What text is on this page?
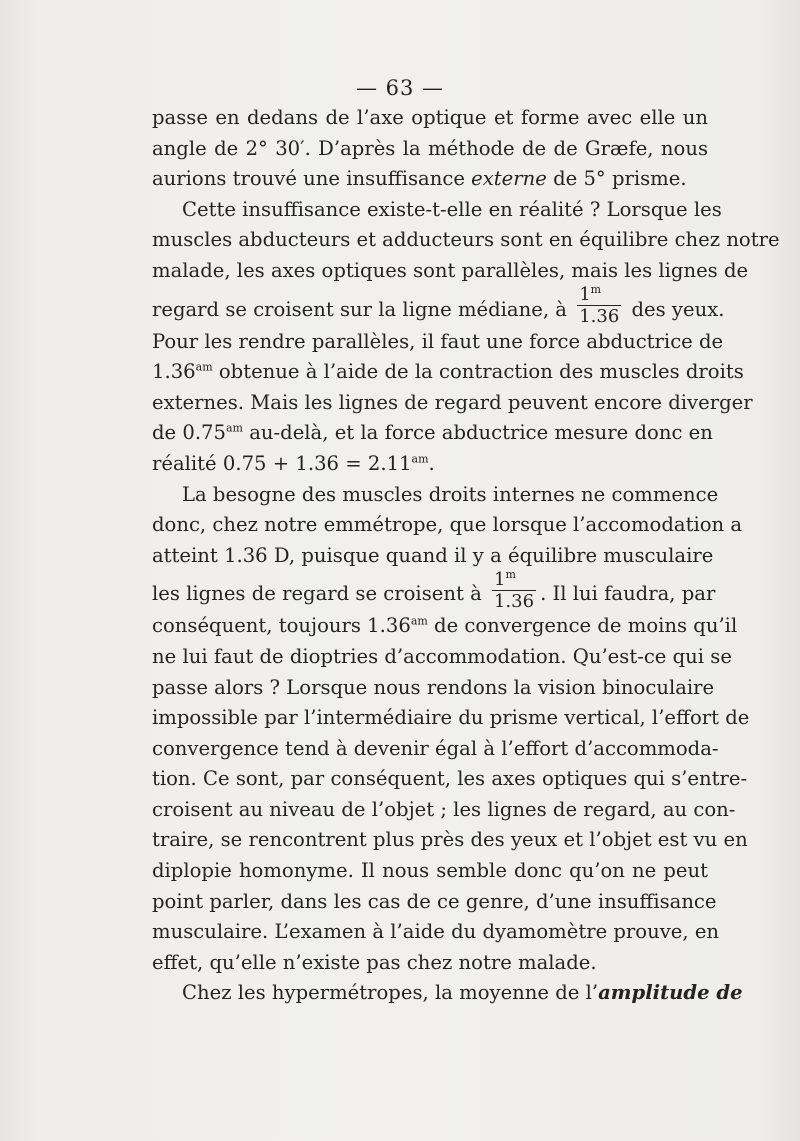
— 63 —
passe en dedans de l’axe optique et forme avec elle un
angle de 2° 30′. D’après la méthode de de Græfe, nous
aurions trouvé une insuffisance externe de 5° prisme.
Cette insuffisance existe-t-elle en réalité ? Lorsque les
muscles abducteurs et adducteurs sont en équilibre chez notre
malade, les axes optiques sont parallèles, mais les lignes de
regard se croisent sur la ligne médiane, à $\frac{1^m}{1.36}$ des yeux.
Pour les rendre parallèles, il faut une force abductrice de
$1.36^{am}$ obtenue à l’aide de la contraction des muscles droits
externes. Mais les lignes de regard peuvent encore diverger
de $0.75^{am}$ au-delà, et la force abductrice mesure donc en
réalité $0.75 + 1.36 = 2.11^{am}$.
La besogne des muscles droits internes ne commence
donc, chez notre emmétrope, que lorsque l’accomodation a
atteint 1.36 D, puisque quand il y a équilibre musculaire
les lignes de regard se croisent à $\frac{1^m}{1.36}$ . Il lui faudra, par
conséquent, toujours $1.36^{am}$ de convergence de moins qu’il
ne lui faut de dioptries d’accommodation. Qu’est-ce qui se
passe alors ? Lorsque nous rendons la vision binoculaire
impossible par l’intermédiaire du prisme vertical, l’effort de
convergence tend à devenir égal à l’effort d’accommoda-
tion. Ce sont, par conséquent, les axes optiques qui s’entre-
croisent au niveau de l’objet ; les lignes de regard, au con-
traire, se rencontrent plus près des yeux et l’objet est vu en
diplopie homonyme. Il nous semble donc qu’on ne peut
point parler, dans les cas de ce genre, d’une insuffisance
musculaire. L’examen à l’aide du dyamomètre prouve, en
effet, qu’elle n’existe pas chez notre malade.
Chez les hypermétropes, la moyenne de l’amplitude de
